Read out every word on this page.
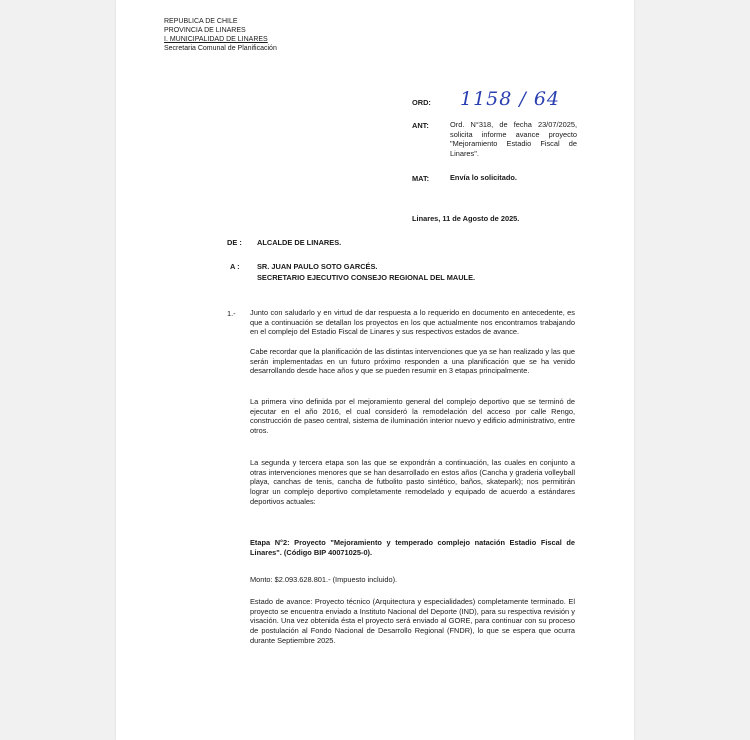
REPUBLICA DE CHILE
PROVINCIA DE LINARES
I. MUNICIPALIDAD DE LINARES
Secretaria Comunal de Planificación
ORD: 1158 / 64
ANT:	Ord. N°318, de fecha 23/07/2025, solicita informe avance proyecto "Mejoramiento Estadio Fiscal de Linares".
MAT:	Envía lo solicitado.
Linares, 11 de Agosto de 2025.
DE : ALCALDE DE LINARES.
A : SR. JUAN PAULO SOTO GARCÉS.
SECRETARIO EJECUTIVO CONSEJO REGIONAL DEL MAULE.
1.- Junto con saludarlo y en virtud de dar respuesta a lo requerido en documento en antecedente, es que a continuación se detallan los proyectos en los que actualmente nos encontramos trabajando en el complejo del Estadio Fiscal de Linares y sus respectivos estados de avance.
Cabe recordar que la planificación de las distintas intervenciones que ya se han realizado y las que serán implementadas en un futuro próximo responden a una planificación que se ha venido desarrollando desde hace años y que se pueden resumir en 3 etapas principalmente.
La primera vino definida por el mejoramiento general del complejo deportivo que se terminó de ejecutar en el año 2016, el cual consideró la remodelación del acceso por calle Rengo, construcción de paseo central, sistema de iluminación interior nuevo y edificio administrativo, entre otros.
La segunda y tercera etapa son las que se expondrán a continuación, las cuales en conjunto a otras intervenciones menores que se han desarrollado en estos años (Cancha y graderia volleyball playa, canchas de tenis, cancha de futbolito pasto sintético, baños, skatepark); nos permitirán lograr un complejo deportivo completamente remodelado y equipado de acuerdo a estándares deportivos actuales:
Etapa N°2: Proyecto "Mejoramiento y temperado complejo natación Estadio Fiscal de Linares". (Código BIP 40071025-0).
Monto: $2.093.628.801.- (Impuesto incluido).
Estado de avance: Proyecto técnico (Arquitectura y especialidades) completamente terminado. El proyecto se encuentra enviado a Instituto Nacional del Deporte (IND), para su respectiva revisión y visación. Una vez obtenida ésta el proyecto será enviado al GORE, para continuar con su proceso de postulación al Fondo Nacional de Desarrollo Regional (FNDR), lo que se espera que ocurra durante Septiembre 2025.
